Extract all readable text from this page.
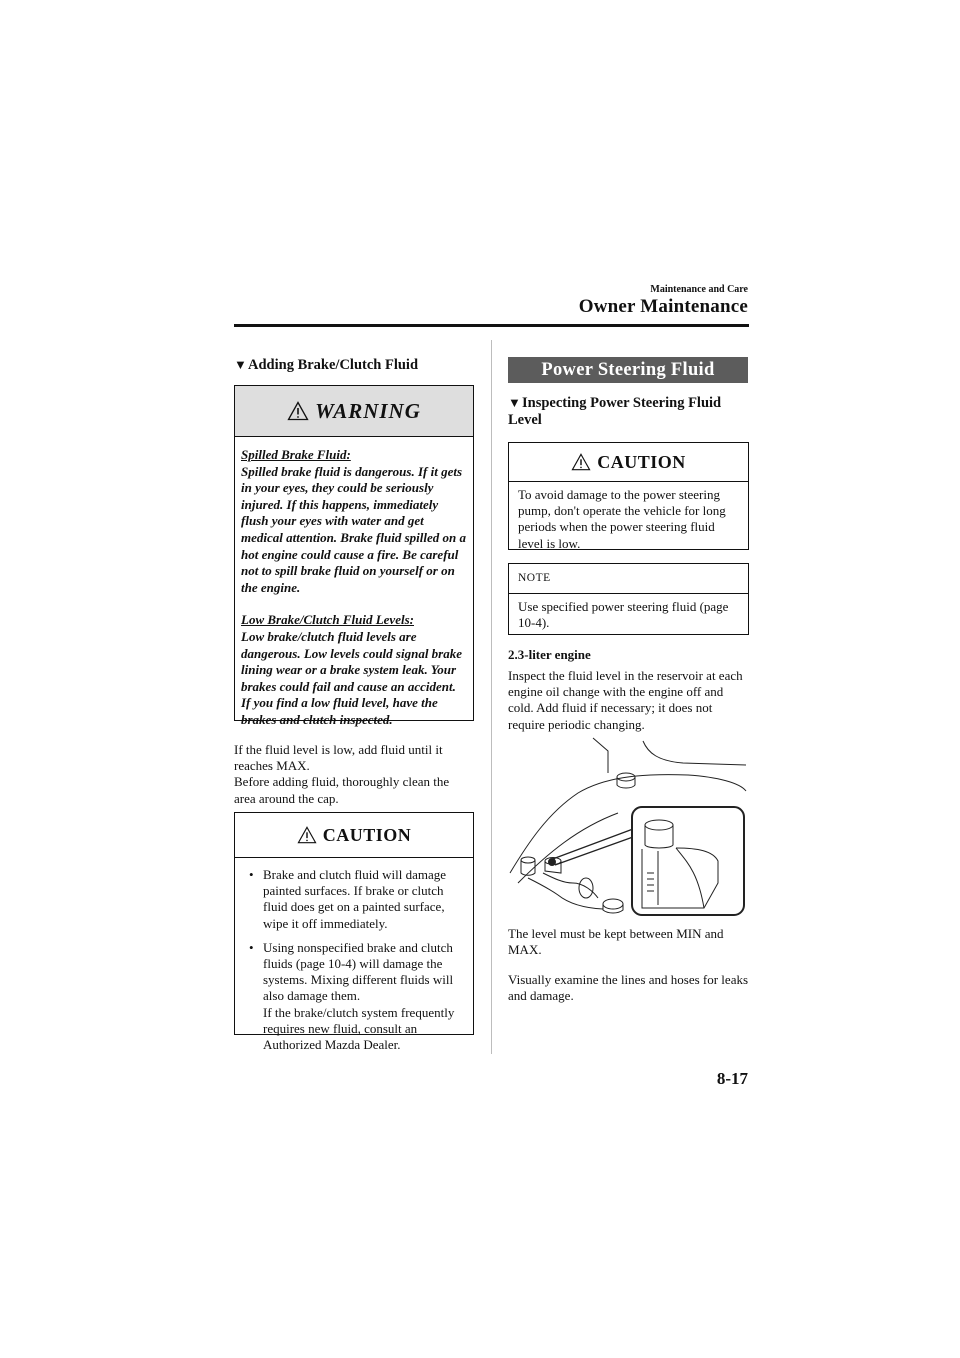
Maintenance and Care
Owner Maintenance
▼Adding Brake/Clutch Fluid
WARNING

Spilled Brake Fluid:
Spilled brake fluid is dangerous. If it gets in your eyes, they could be seriously injured. If this happens, immediately flush your eyes with water and get medical attention. Brake fluid spilled on a hot engine could cause a fire. Be careful not to spill brake fluid on yourself or on the engine.

Low Brake/Clutch Fluid Levels:
Low brake/clutch fluid levels are dangerous. Low levels could signal brake lining wear or a brake system leak. Your brakes could fail and cause an accident. If you find a low fluid level, have the brakes and clutch inspected.

If the fluid level is low, add fluid until it reaches MAX.
Before adding fluid, thoroughly clean the area around the cap.
CAUTION
• Brake and clutch fluid will damage painted surfaces. If brake or clutch fluid does get on a painted surface, wipe it off immediately.
• Using nonspecified brake and clutch fluids (page 10-4) will damage the systems. Mixing different fluids will also damage them.
If the brake/clutch system frequently requires new fluid, consult an Authorized Mazda Dealer.
Power Steering Fluid
▼Inspecting Power Steering Fluid Level
CAUTION
To avoid damage to the power steering pump, don't operate the vehicle for long periods when the power steering fluid level is low.
NOTE
Use specified power steering fluid (page 10-4).
2.3-liter engine
Inspect the fluid level in the reservoir at each engine oil change with the engine off and cold. Add fluid if necessary; it does not require periodic changing.
The level must be kept between MIN and MAX.
Visually examine the lines and hoses for leaks and damage.
8-17
